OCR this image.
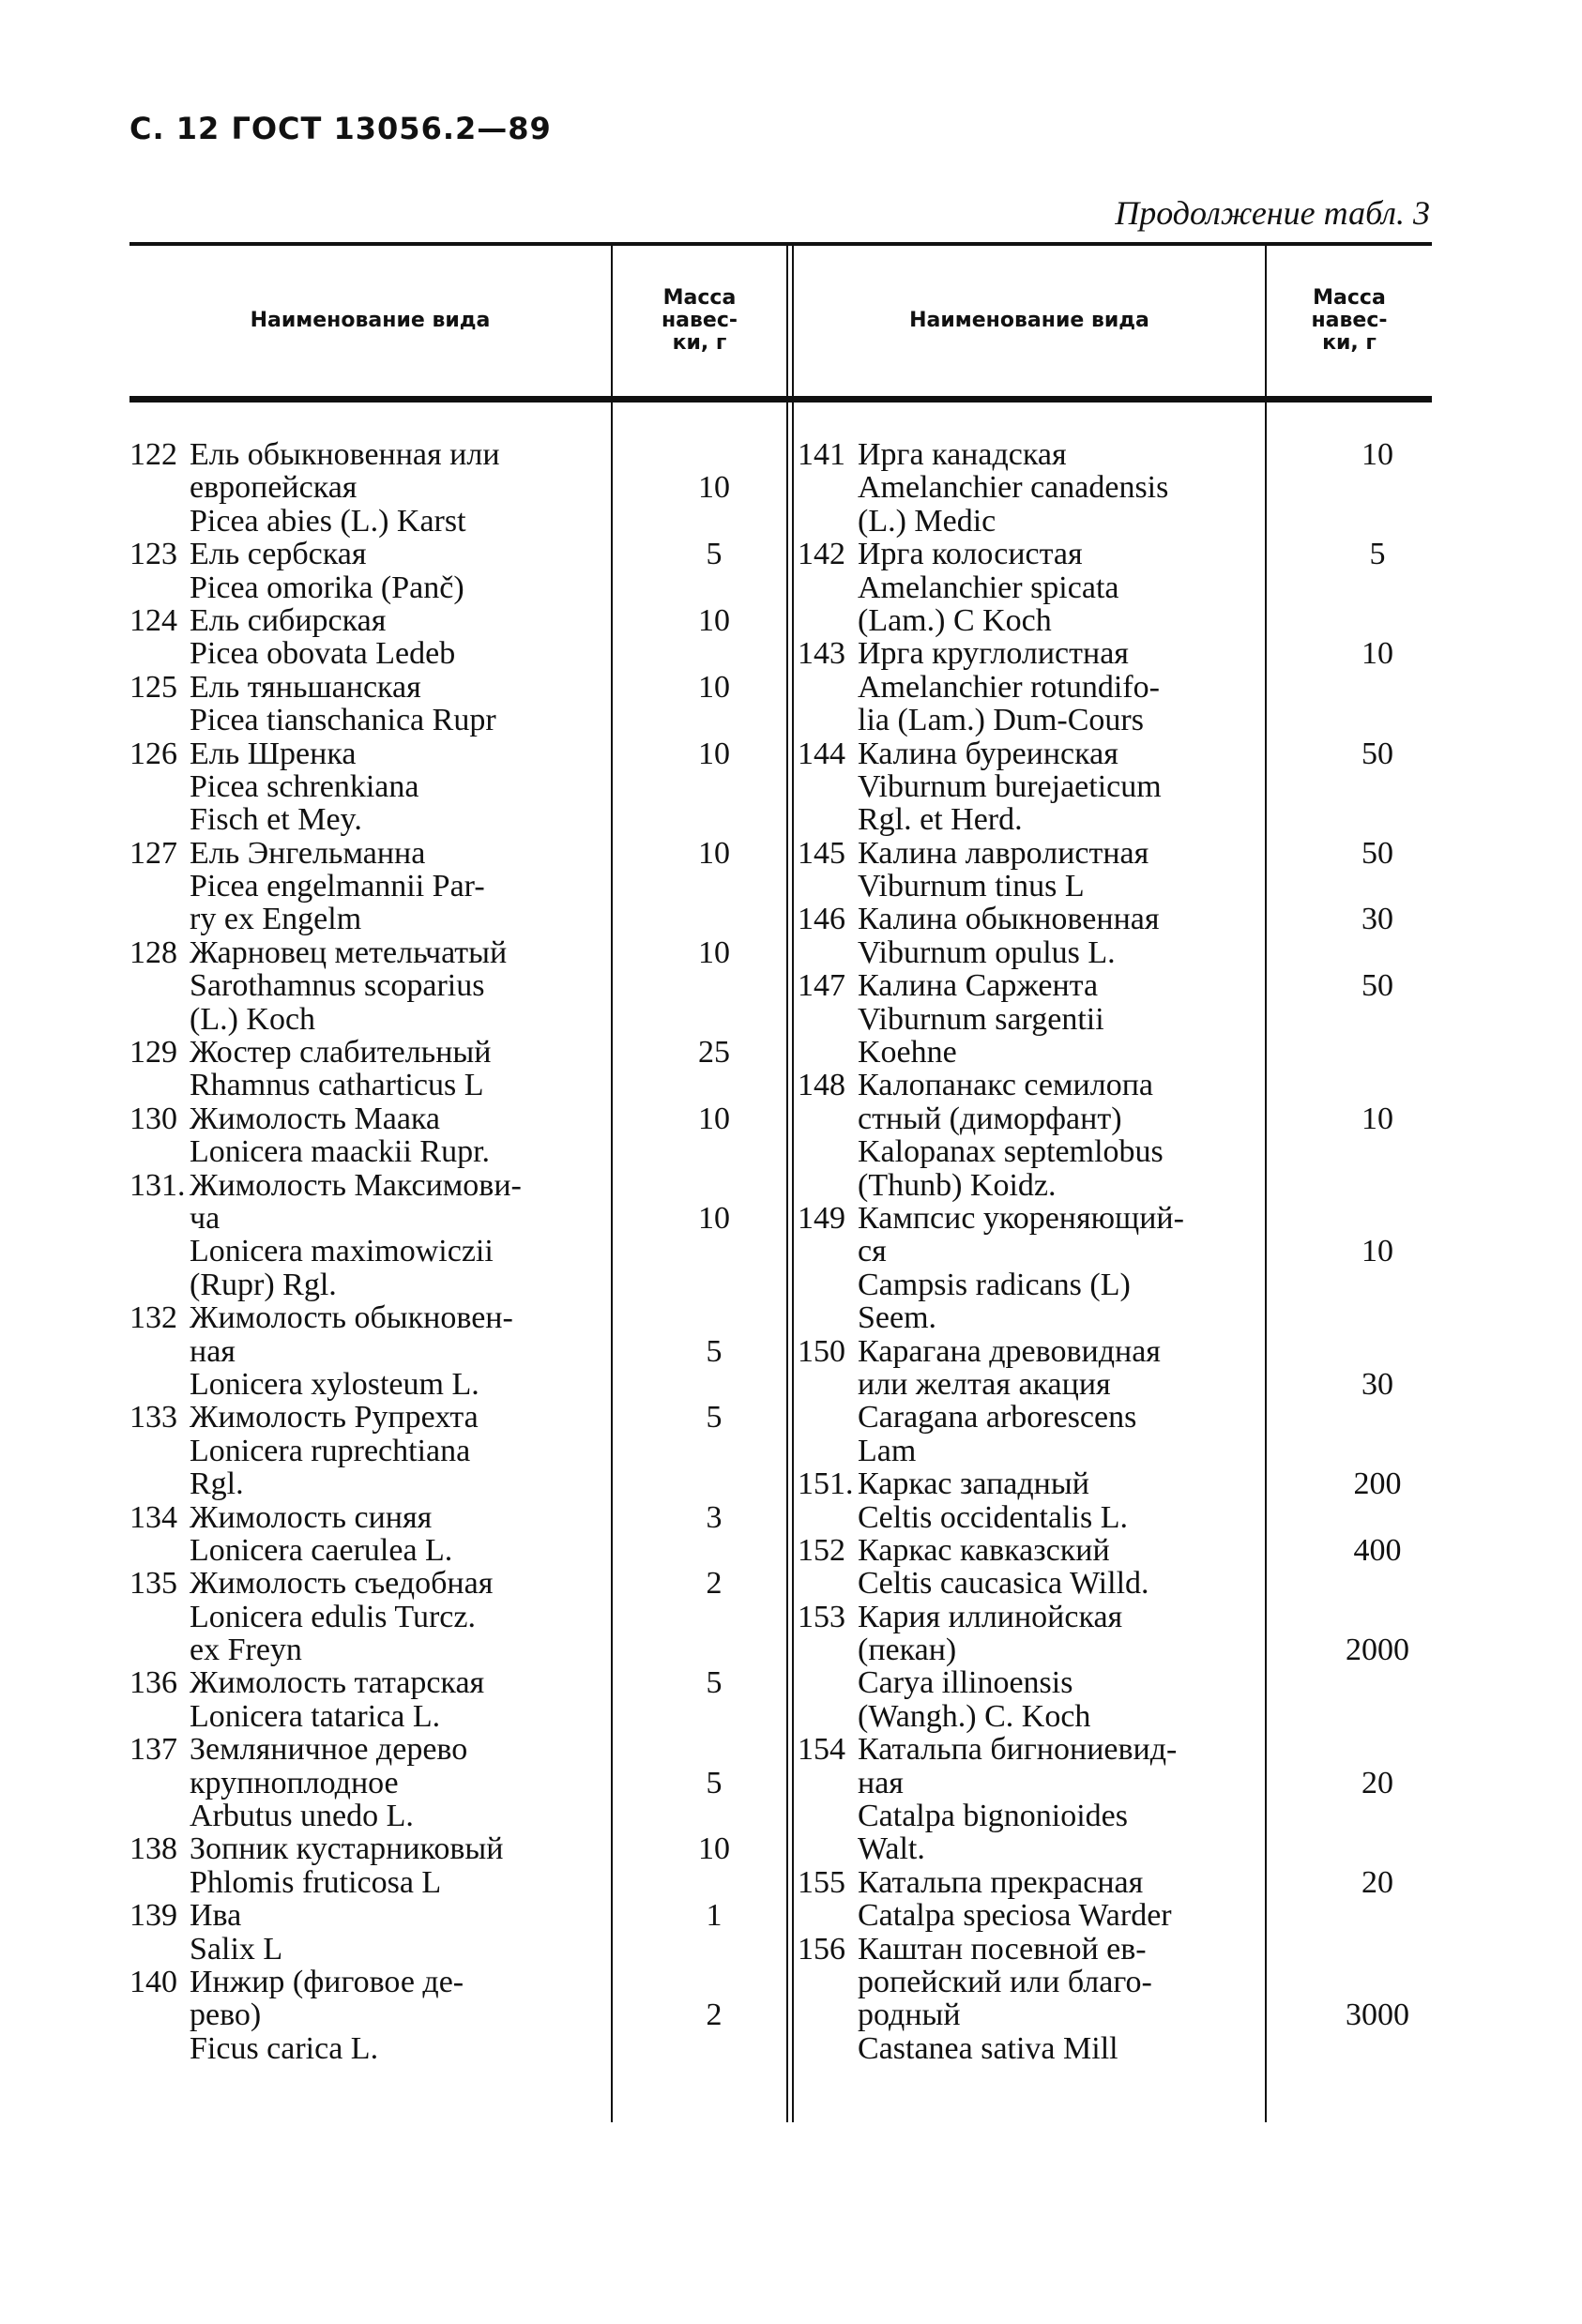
С. 12 ГОСТ 13056.2—89
Продолжение табл. 3
Наименование вида
Масса
навес-
ки, г
Наименование вида
Масса
навес-
ки, г
122 Ель обыкновенная или
европейская
Picea abies (L.) Karst
10
123 Ель сербская
Picea omorika (Panč)
5
124 Ель сибирская
Picea obovata Ledeb
10
125 Ель тяньшанская
Picea tianschanica Rupr
10
126 Ель Шренка
Picea schrenkiana
Fisch et Mey.
10
127 Ель Энгельманна
Picea engelmannii Par-
ry ex Engelm
10
128 Жарновец метельчатый
Sarothamnus scoparius
(L.) Koch
10
129 Жостер слабительный
Rhamnus catharticus L
25
130 Жимолость Маака
Lonicera maackii Rupr.
10
131. Жимолость Максимови-
ча
Lonicera maximowiczii
(Rupr) Rgl.
10
132 Жимолость обыкновен-
ная
Lonicera xylosteum L.
5
133 Жимолость Рупрехта
Lonicera ruprechtiana
Rgl.
5
134 Жимолость синяя
Lonicera caerulea L.
3
135 Жимолость съедобная
Lonicera edulis Turcz.
ex Freyn
2
136 Жимолость татарская
Lonicera tatarica L.
5
137 Земляничное дерево
крупноплодное
Arbutus unedo L.
5
138 Зопник кустарниковый
Phlomis fruticosa L
10
139 Ива
Salix L
1
140 Инжир (фиговое де-
рево)
Ficus carica L.
2
141 Ирга канадская
Amelanchier canadensis
(L.) Medic
10
142 Ирга колосистая
Amelanchier spicata
(Lam.) C Koch
5
143 Ирга круглолистная
Amelanchier rotundifo-
lia (Lam.) Dum-Cours
10
144 Калина буреинская
Viburnum burejaeticum
Rgl. et Herd.
50
145 Калина лавролистная
Viburnum tinus L
50
146 Калина обыкновенная
Viburnum opulus L.
30
147 Калина Саржента
Viburnum sargentii
Koehne
50
148 Калопанакс семилопа
стный (диморфант)
Kalopanax septemlobus
(Thunb) Koidz.
10
149 Кампсис укореняющий-
ся
Campsis radicans (L)
Seem.
10
150 Карагана древовидная
или желтая акация
Caragana arborescens
Lam
30
151. Каркас западный
Celtis occidentalis L.
200
152 Каркас кавказский
Celtis caucasica Willd.
400
153 Кария иллинойская
(пекан)
Carya illinoensis
(Wangh.) C. Koch
2000
154 Катальпа бигнониевид-
ная
Catalpa bignonioides
Walt.
20
155 Катальпа прекрасная
Catalpa speciosa Warder
20
156 Каштан посевной ев-
ропейский или благо-
родный
Castanea sativa Mill
3000
